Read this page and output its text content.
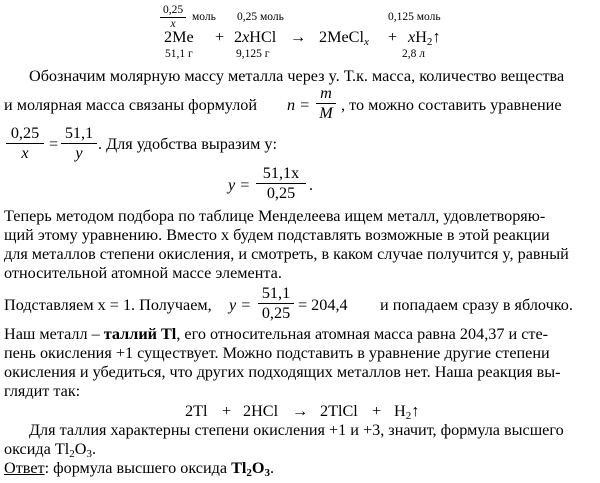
0,25
x
моль 0,25 моль	0,125 моль
2Me + 2xHCl → 2MeCl$_x$ + $xH_2↑$
51,1 г	9,125 г	2,8 л
Обозначим молярную массу металла через y. Т.к. масса, количество вещества
и молярная масса связаны формулой n =
m
M , то можно составить уравнение
0,25
x	=
51,1
y . Для удобства выразим y:
y =
51,1x
0,25 .
Теперь методом подбора по таблице Менделеева ищем металл, удовлетворяю-
щий этому уравнению. Вместо x будем подставлять возможные в этой реакции
для металлов степени окисления, и смотреть, в каком случае получится y, равный
относительной атомной массе элемента.
Подставляем x = 1. Получаем, y =
51,1
0,25 = 204,4 и попадаем сразу в яблочко.
Наш металл – таллий Tl, его относительная атомная масса равна 204,37 и сте-
пень окисления +1 существует. Можно подставить в уравнение другие степени
окисления и убедиться, что других подходящих металлов нет. Наша реакция вы-
глядит так:
2Tl + 2HCl → 2TlCl + $H_2↑$
Для таллия характерны степени окисления +1 и +3, значит, формула высшего
оксида $Tl_2O_3$.
Ответ: формула высшего оксида $Tl_2O_3$.
